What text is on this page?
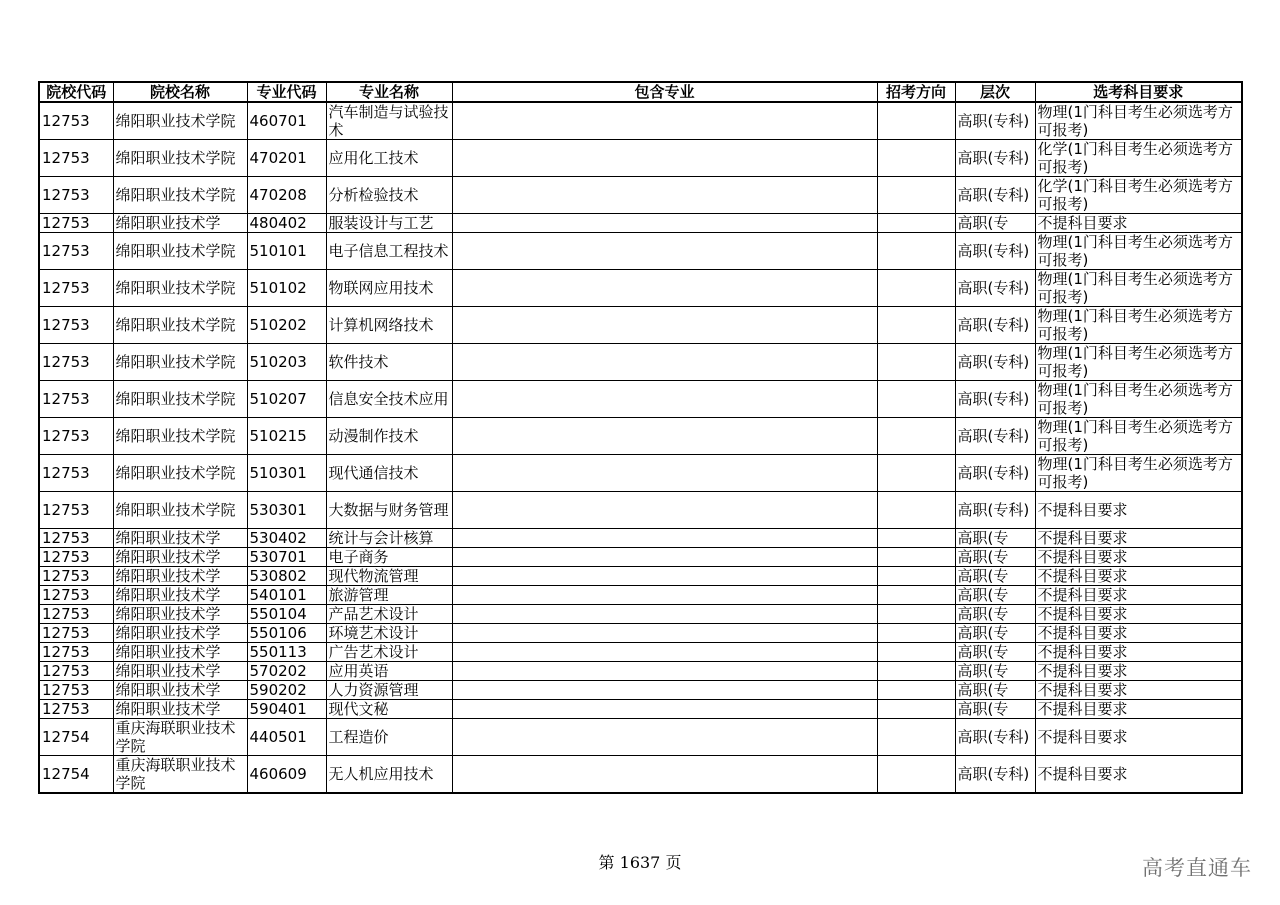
院校代码	院校名称	专业代码	专业名称	包含专业	招考方向	层次	选考科目要求

12753	绵阳职业技术学院	460701	汽车制造与试验技术			高职(专科)	物理(1门科目考生必须选考方可报考)

12753	绵阳职业技术学院	470201	应用化工技术			高职(专科)	化学(1门科目考生必须选考方可报考)

12753	绵阳职业技术学院	470208	分析检验技术			高职(专科)	化学(1门科目考生必须选考方可报考)

12753	绵阳职业技术学	480402	服装设计与工艺			高职(专	不提科目要求

12753	绵阳职业技术学院	510101	电子信息工程技术			高职(专科)	物理(1门科目考生必须选考方可报考)

12753	绵阳职业技术学院	510102	物联网应用技术			高职(专科)	物理(1门科目考生必须选考方可报考)

12753	绵阳职业技术学院	510202	计算机网络技术			高职(专科)	物理(1门科目考生必须选考方可报考)

12753	绵阳职业技术学院	510203	软件技术			高职(专科)	物理(1门科目考生必须选考方可报考)

12753	绵阳职业技术学院	510207	信息安全技术应用			高职(专科)	物理(1门科目考生必须选考方可报考)

12753	绵阳职业技术学院	510215	动漫制作技术			高职(专科)	物理(1门科目考生必须选考方可报考)

12753	绵阳职业技术学院	510301	现代通信技术			高职(专科)	物理(1门科目考生必须选考方可报考)

12753	绵阳职业技术学院	530301	大数据与财务管理			高职(专科)	不提科目要求

12753	绵阳职业技术学	530402	统计与会计核算			高职(专	不提科目要求

12753	绵阳职业技术学	530701	电子商务			高职(专	不提科目要求

12753	绵阳职业技术学	530802	现代物流管理			高职(专	不提科目要求

12753	绵阳职业技术学	540101	旅游管理			高职(专	不提科目要求

12753	绵阳职业技术学	550104	产品艺术设计			高职(专	不提科目要求

12753	绵阳职业技术学	550106	环境艺术设计			高职(专	不提科目要求

12753	绵阳职业技术学	550113	广告艺术设计			高职(专	不提科目要求

12753	绵阳职业技术学	570202	应用英语			高职(专	不提科目要求

12753	绵阳职业技术学	590202	人力资源管理			高职(专	不提科目要求

12753	绵阳职业技术学	590401	现代文秘			高职(专	不提科目要求

12754	重庆海联职业技术学院	440501	工程造价			高职(专科)	不提科目要求

12754	重庆海联职业技术学院	460609	无人机应用技术			高职(专科)	不提科目要求
第 1637 页	高考直通车
